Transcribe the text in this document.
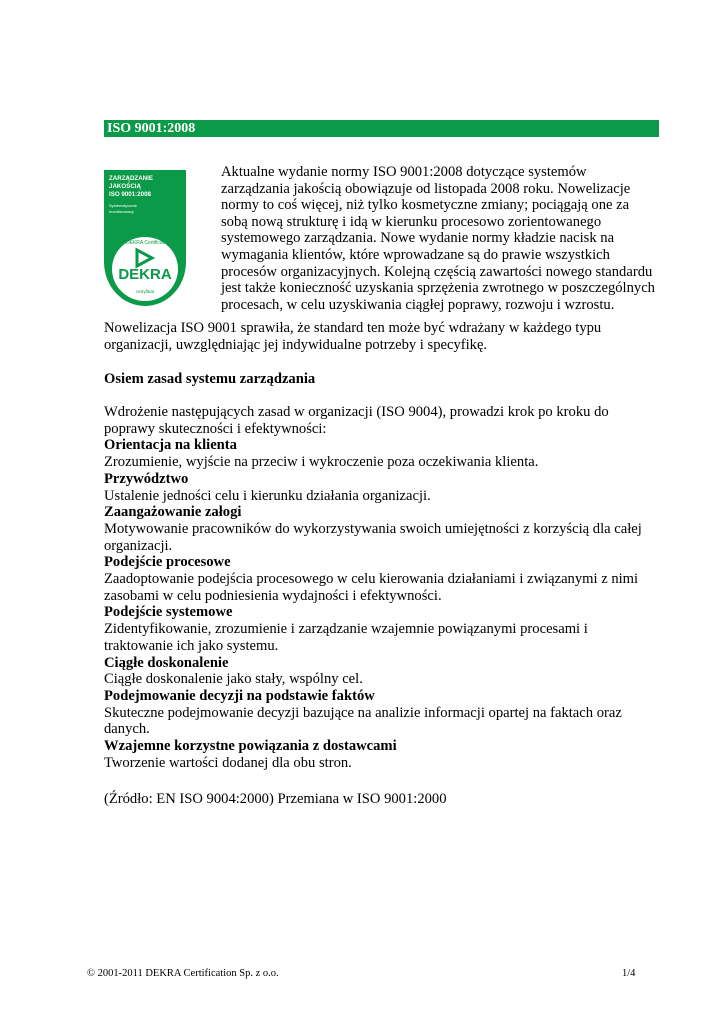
ISO 9001:2008
ZARZĄDZANIE
JAKOŚCIĄ
ISO 9001:2008
Systematycznie
monitorowany
DEKRA Certification
DEKRA
certyfikat
Aktualne wydanie normy ISO 9001:2008 dotyczące systemów
zarządzania jakością obowiązuje od listopada 2008 roku. Nowelizacje
normy to coś więcej, niż tylko kosmetyczne zmiany; pociągają one za
sobą nową strukturę i idą w kierunku procesowo zorientowanego
systemowego zarządzania. Nowe wydanie normy kładzie nacisk na
wymagania klientów, które wprowadzane są do prawie wszystkich
procesów organizacyjnych. Kolejną częścią zawartości nowego standardu
jest także konieczność uzyskania sprzężenia zwrotnego w poszczególnych
procesach, w celu uzyskiwania ciągłej poprawy, rozwoju i wzrostu.
Nowelizacja ISO 9001 sprawiła, że standard ten może być wdrażany w każdego typu
organizacji, uwzględniając jej indywidualne potrzeby i specyfikę.
Osiem zasad systemu zarządzania

Wdrożenie następujących zasad w organizacji (ISO 9004), prowadzi krok po kroku do

poprawy skuteczności i efektywności:

Orientacja na klienta

Zrozumienie, wyjście na przeciw i wykroczenie poza oczekiwania klienta.

Przywództwo

Ustalenie jedności celu i kierunku działania organizacji.

Zaangażowanie załogi

Motywowanie pracowników do wykorzystywania swoich umiejętności z korzyścią dla całej

organizacji.

Podejście procesowe

Zaadoptowanie podejścia procesowego w celu kierowania działaniami i związanymi z nimi

zasobami w celu podniesienia wydajności i efektywności.

Podejście systemowe

Zidentyfikowanie, zrozumienie i zarządzanie wzajemnie powiązanymi procesami i

traktowanie ich jako systemu.

Ciągłe doskonalenie

Ciągłe doskonalenie jako stały, wspólny cel.

Podejmowanie decyzji na podstawie faktów

Skuteczne podejmowanie decyzji bazujące na analizie informacji opartej na faktach oraz

danych.

Wzajemne korzystne powiązania z dostawcami

Tworzenie wartości dodanej dla obu stron.

(Źródło: EN ISO 9004:2000) Przemiana w ISO 9001:2000
© 2001-2011 DEKRA Certification Sp. z o.o.	1/4
